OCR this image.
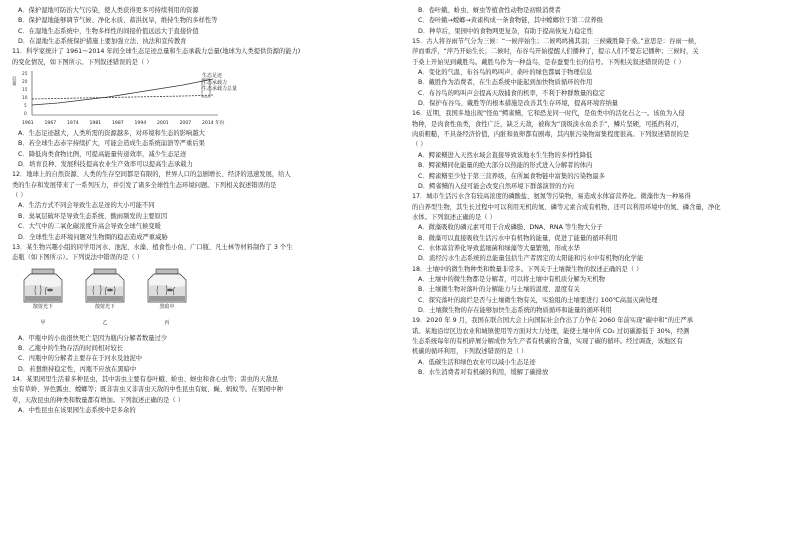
A．保护湿地可防治大气污染，使人类获得更多可持续利用的资源
B．保护湿地能够调节气候、净化水质、蓄洪抗旱，维持生物的多样性等
C．在湿地生态系统中，生物多样性的间接价值远远大于直接价值
D．在湿地生态系统保护措施上要加强立法、执法和宣传教育
11．科学家统计了 1961～2014 年间全球生态足迹总量和生态承载力总量(地球为人类提供资源的能力)
的变化情况，如下图所示。下列叙述错误的是（ ）
总量
25
20
15
10
5
0
生态足迹
生态承载力
生态承载力总量
1961 1967 1974 1981 1987 1994 2001 2007 2014 年份
A．生态足迹越大，人类所需的资源越多，对环境和生态的影响越大
B．若全球生态赤字持续扩大，可能会造成生态系统崩溃等严重后果
C．降低肉类食物比例，可提高能量传递效率，减少生态足迹
D．培育良种、发展科技提高农业生产效率可以提高生态承载力
12．地球上的自然资源、人类的生存空间都是有限的，世界人口的急剧增长、经济的迅速发展，给人
类的生存和发展带来了一系列压力，并引发了诸多全球性生态环境问题。下列相关叙述错误的是
（ ）
A．生活方式不同会导致生态足迹的大小可能不同
B．臭氧层破坏是导致生态系统、酸雨频发的主要原因
C．大气中的二氧化碳浓度升高会导致全球气候变暖
D．全球性生态环境问题对生物圈的稳态造成严重威胁
13．某生物兴趣小组的同学用河水、池泥、水藻、植食性小鱼、广口瓶、凡士林等材料制作了 3 个生
态瓶（如下图所示）。下列说法中错误的是（ ）
散射光下
甲
散射光下
乙
黑暗中
丙
A．甲瓶中的小鱼很快死亡是因为瓶内分解者数量过少
B．乙瓶中的生物存活的时间相对较长
C．丙瓶中的分解者主要存在于河水及池泥中
D．若想维持稳定性，丙瓶不应放在黑暗中
14．某果园里生活着多种昆虫，其中害虫主要有卷叶蛾、蚧虫、蚜虫和食心虫等；害虫的天敌昆
虫有草蛉、异色瓢虫、螳螂等；既非害虫又非害虫天敌的中性昆虫有蚊、蝇、蚂蚁等。在果园中种
草，天敌昆虫的种类和数量都有增加。下列叙述正确的是（ ）
A．中性昆虫在该果园生态系统中是多余的
B．卷叶蛾、蚧虫、蚜虫等植食性动物是初级消费者
C．卷叶蛾→螳螂→黄雀构成一条食物链，其中螳螂位于第二营养级
D．种草后，果园中的食物网更复杂，有助于提高恢复力稳定性
15．古人将谷雨节气分为三候：“一候萍始生；二候鸣鸠拂其羽；三候戴胜降于桑。”意思是：谷雨一候，
萍而重浮，“萍乃开始生长；二候时，布谷鸟开始提醒人们播种了，提示人们不要忘记播种；三候时，关
于桑上开始见到戴胜鸟。戴胜鸟作为一种益鸟，是春蚕要生长的信号。下列相关叙述错误的是（ ）
A．变化的气温、布谷鸟的鸣叫声、桑叶的绿色都属于物理信息
B．戴胜作为消费者，在生态系统中能起到加快物质循环的作用
C．布谷鸟的鸣叫声会提高天敌捕食的机率，不利于种群数量的稳定
D．保护布谷鸟、戴胜等的根本措施是改善其生存环境，提高环境容纳量
16．近期，我国多地出现“怪鱼”鳄雀鳝，它和恐龙同一时代，是鱼类中的活化石之一。该鱼为入侵
物种，是肉食性鱼类，食性广泛，缺乏天敌，被称为“顶级淡水鱼杀手”，鳞片坚硬，可抵挡利刃，
肉质粗糙，不具备经济价值，内脏和鱼卵都有剧毒，其内脏污染物富集程度很高。下列叙述错误的是
（ ）
A．鳄雀鳝进入天然水域会直接导致该地水生生物的多样性降低
B．鳄雀鳝同化能量的绝大部分以热能的形式进入分解者的体内
C．鳄雀鳝至少处于第三营养级，在所属食物链中富集的污染物最多
D．鳄雀鳝的入侵可能会改变自然环境下群落演替的方向
17．城市生活污水含有较高浓度的磷酸盐、氨氮等污染物，易造成水体富营养化。微藻作为一种易得
的自养型生物，其生长过程中可以利用无机的氮、磷等元素合成有机物，还可以利用环境中的氮、磷含量，净化
水体。下列叙述正确的是（ ）
A．微藻吸收的磷元素可用于合成磷脂、DNA、RNA 等生物大分子
B．微藻可以直接吸收生活污水中有机物的能量，促进了能量的循环利用
C．水体富营养化导致蓝细菌和绿藻等大量繁殖，形成水华
D．流经污水生态系统的总能量包括生产者固定的太阳能和污水中有机物的化学能
18．土壤中的微生物种类和数量非常多。下列关于土壤微生物的叙述正确的是（ ）
A．土壤中的微生物都是分解者，可以将土壤中有机质分解为无机物
B．土壤微生物对落叶的分解能力与土壤的温度、湿度有关
C．探究落叶的腐烂是否与土壤微生物有关，实验组的土壤要进行 100℃高温灭菌处理
D．土壤微生物的存在能够加快生态系统的物质循环和能量的循环利用
19．2020 年 9 月，我国在联合国大会上向国际社会作出了力争在 2060 年前实现“碳中和”的庄严承
诺。某地沿岸区边农业和城镇使用等方面对大力处理，能使土壤中所 CO₂ 过切碳源低于 30%，经测
生态系统每年的有机碎屑分解成作为生产者有机碳的含量，实现了碳的循环。经过调查，该地区有
机碳的循环利用，下列叙述错误的是（ ）
A．低碳生活和绿色农业可以减小生态足迹
B．水生消费者对有机碳的利用，缓解了碳排放
